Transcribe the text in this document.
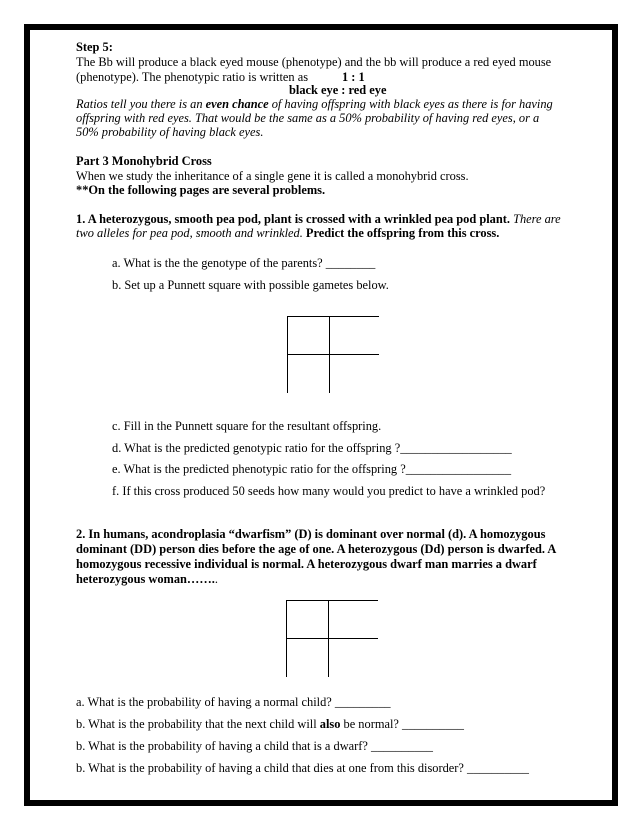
Step 5:
The Bb will produce a black eyed mouse (phenotype) and the bb will produce a red eyed mouse
(phenotype). The phenotypic ratio is written as	1 : 1
black eye : red eye
Ratios tell you there is an even chance of having offspring with black eyes as there is for having
offspring with red eyes. That would be the same as a 50% probability of having red eyes, or a
50% probability of having black eyes.
Part 3 Monohybrid Cross
When we study the inheritance of a single gene it is called a monohybrid cross.
**On the following pages are several problems.
1. A heterozygous, smooth pea pod, plant is crossed with a wrinkled pea pod plant. There are
two alleles for pea pod, smooth and wrinkled. Predict the offspring from this cross.
a. What is the the genotype of the parents? ________
b. Set up a Punnett square with possible gametes below.
c. Fill in the Punnett square for the resultant offspring.
d. What is the predicted genotypic ratio for the offspring ?__________________
e. What is the predicted phenotypic ratio for the offspring ?_________________
f. If this cross produced 50 seeds how many would you predict to have a wrinkled pod?
2. In humans, acondroplasia “dwarfism” (D) is dominant over normal (d). A homozygous
dominant (DD) person dies before the age of one. A heterozygous (Dd) person is dwarfed. A
homozygous recessive individual is normal. A heterozygous dwarf man marries a dwarf
heterozygous woman……..
a. What is the probability of having a normal child? _________
b. What is the probability that the next child will also be normal? __________
b. What is the probability of having a child that is a dwarf? __________
b. What is the probability of having a child that dies at one from this disorder? __________
